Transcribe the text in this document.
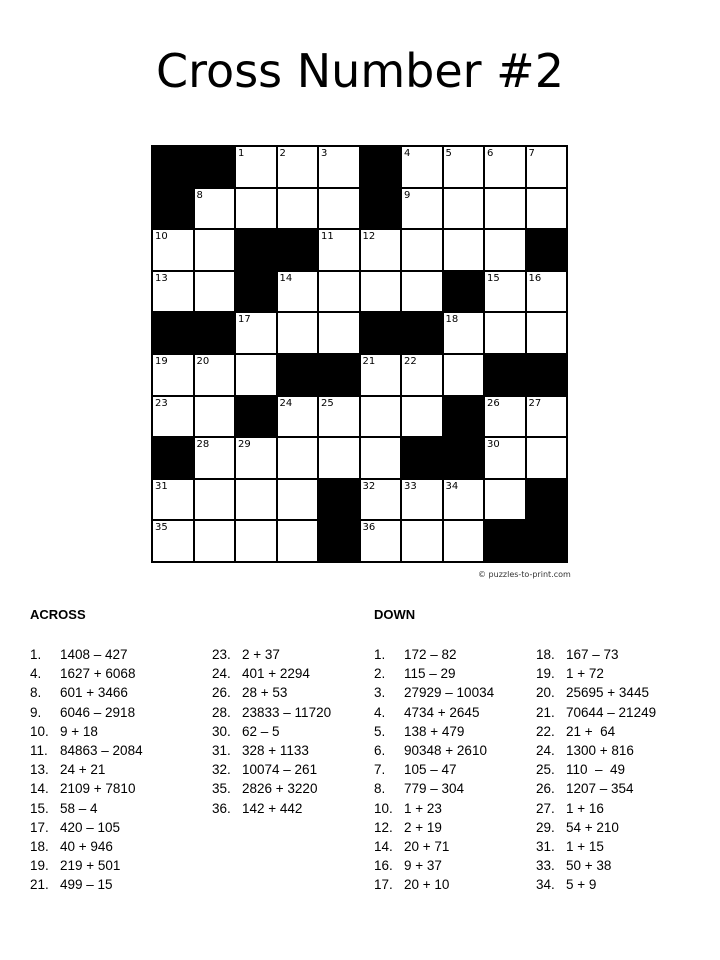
Cross Number #2
1	2	3	4	5	6	7
8	9
10	11	12
13	14	15	16
17	18
19	20	21	22
23	24	25	26	27
28	29	30
31	32	33	34
35	36
© puzzles-to-print.com
ACROSS	DOWN
1.	1408 – 427
4.	1627 + 6068
8.	601 + 3466
9.	6046 – 2918
10. 9 + 18
11. 84863 – 2084
13. 24 + 21
14. 2109 + 7810
15. 58 – 4
17. 420 – 105
18. 40 + 946
19. 219 + 501
21. 499 – 15
23. 2 + 37
24. 401 + 2294
26. 28 + 53
28. 23833 – 11720
30. 62 – 5
31. 328 + 1133
32. 10074 – 261
35. 2826 + 3220
36. 142 + 442
1.	172 – 82
2.	115 – 29
3.	27929 – 10034
4.	4734 + 2645
5.	138 + 479
6.	90348 + 2610
7.	105 – 47
8.	779 – 304
10. 1 + 23
12. 2 + 19
14. 20 + 71
16. 9 + 37
17. 20 + 10
18. 167 – 73
19. 1 + 72
20. 25695 + 3445
21. 70644 – 21249
22. 21 +  64
24. 1300 + 816
25. 110  –  49
26. 1207 – 354
27. 1 + 16
29. 54 + 210
31. 1 + 15
33. 50 + 38
34. 5 + 9
